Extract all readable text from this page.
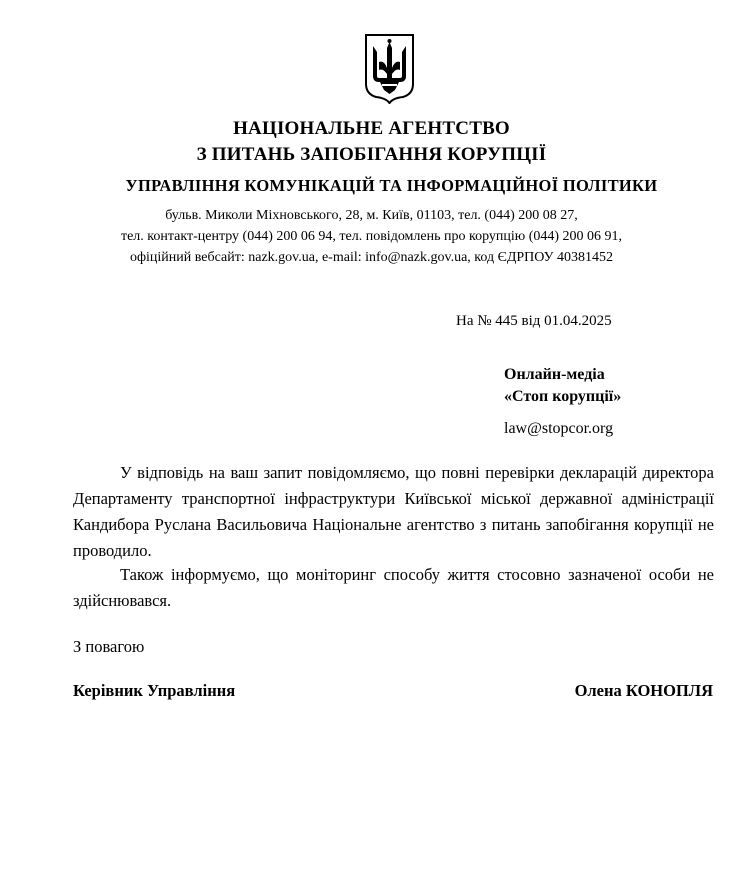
НАЦІОНАЛЬНЕ АГЕНТСТВО
З ПИТАНЬ ЗАПОБІГАННЯ КОРУПЦІЇ
УПРАВЛІННЯ КОМУНІКАЦІЙ ТА ІНФОРМАЦІЙНОЇ ПОЛІТИКИ
бульв. Миколи Міхновського, 28, м. Київ, 01103, тел. (044) 200 08 27,
тел. контакт-центру (044) 200 06 94, тел. повідомлень про корупцію (044) 200 06 91,
офіційний вебсайт: nazk.gov.ua, e-mail: info@nazk.gov.ua, код ЄДРПОУ 40381452
На № 445 від 01.04.2025
Онлайн-медіа
«Стоп корупції»
law@stopcor.org
У відповідь на ваш запит повідомляємо, що повні перевірки декларацій директора Департаменту транспортної інфраструктури Київської міської державної адміністрації Кандибора Руслана Васильовича Національне агентство з питань запобігання корупції не проводило.
Також інформуємо, що моніторинг способу життя стосовно зазначеної особи не здійснювався.
З повагою
Керівник Управління	Олена КОНОПЛЯ
